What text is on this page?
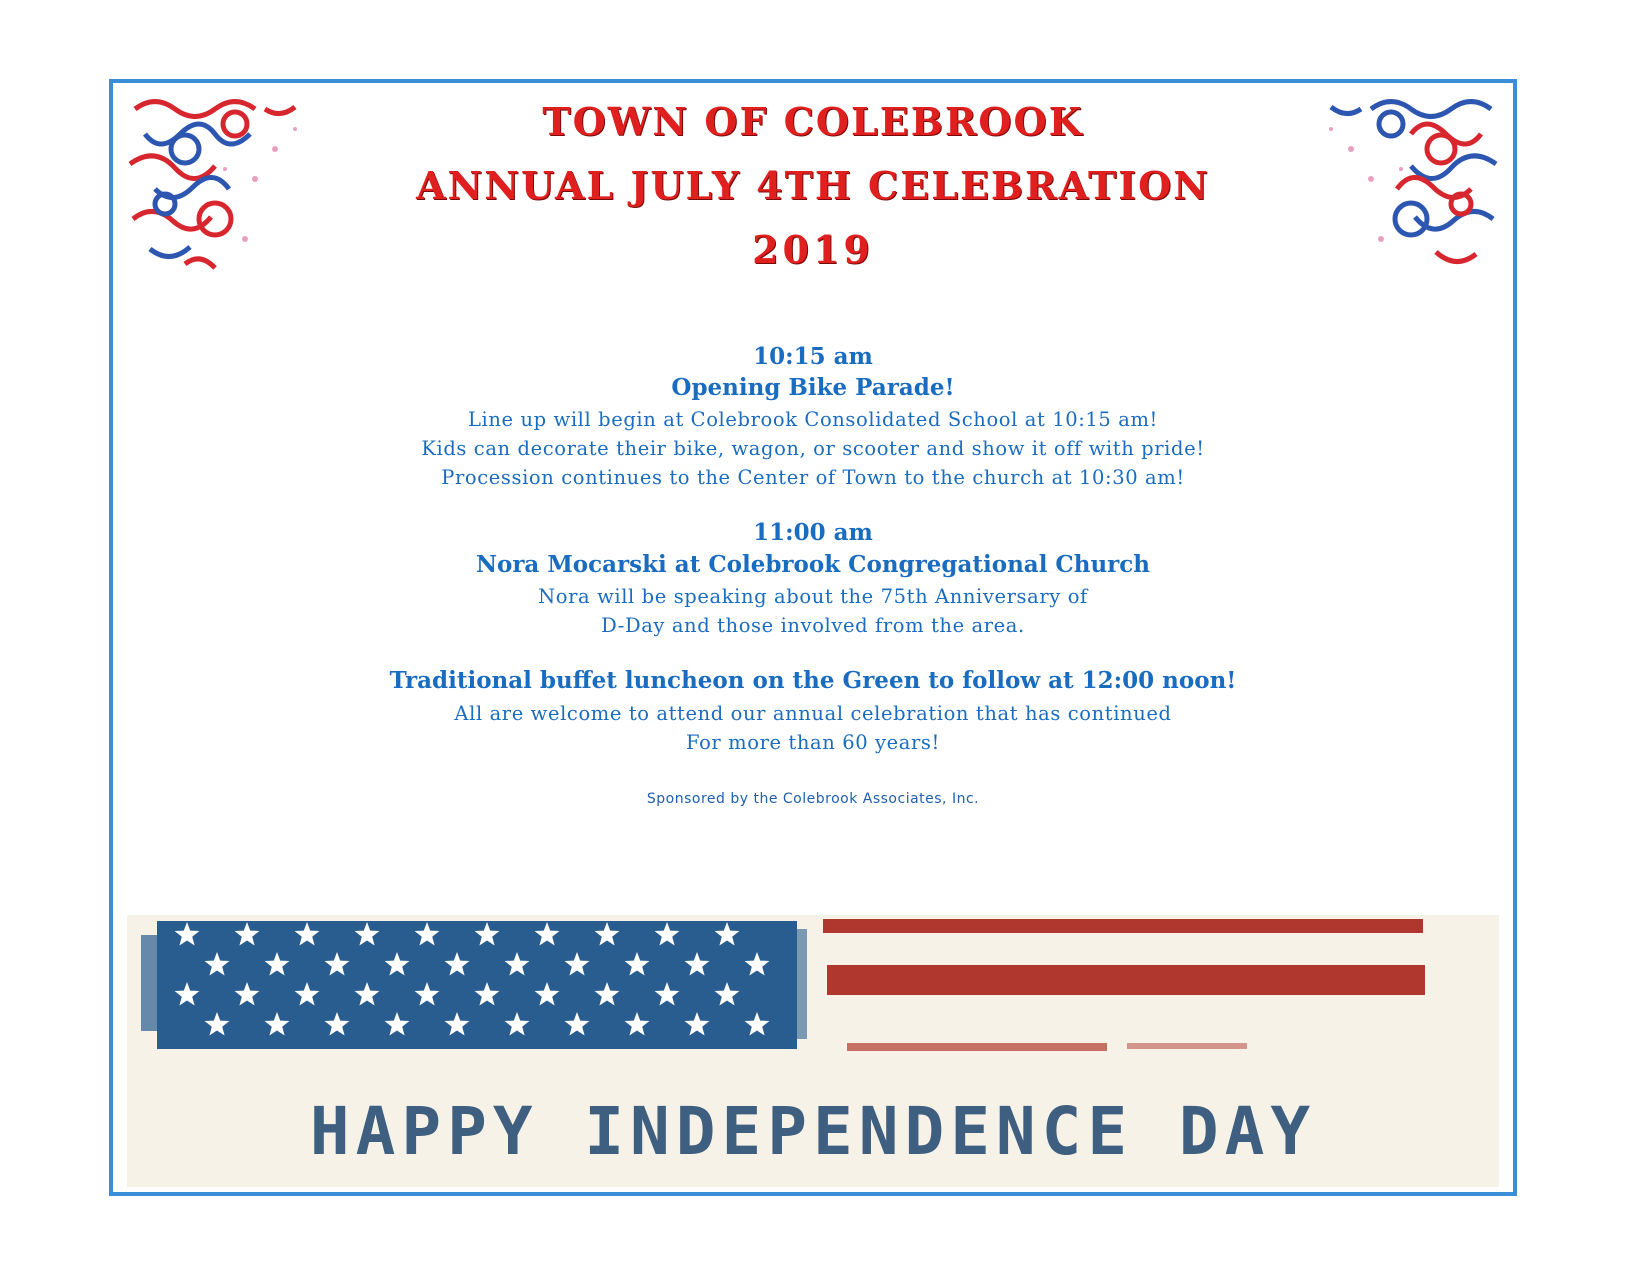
TOWN OF COLEBROOK
ANNUAL JULY 4TH CELEBRATION
2019
10:15 am
Opening Bike Parade!
Line up will begin at Colebrook Consolidated School at 10:15 am!
Kids can decorate their bike, wagon, or scooter and show it off with pride!
Procession continues to the Center of Town to the church at 10:30 am!
11:00 am
Nora Mocarski at Colebrook Congregational Church
Nora will be speaking about the 75th Anniversary of
D-Day and those involved from the area.
Traditional buffet luncheon on the Green to follow at 12:00 noon!
All are welcome to attend our annual celebration that has continued
For more than 60 years!
Sponsored by the Colebrook Associates, Inc.
HAPPY INDEPENDENCE DAY
